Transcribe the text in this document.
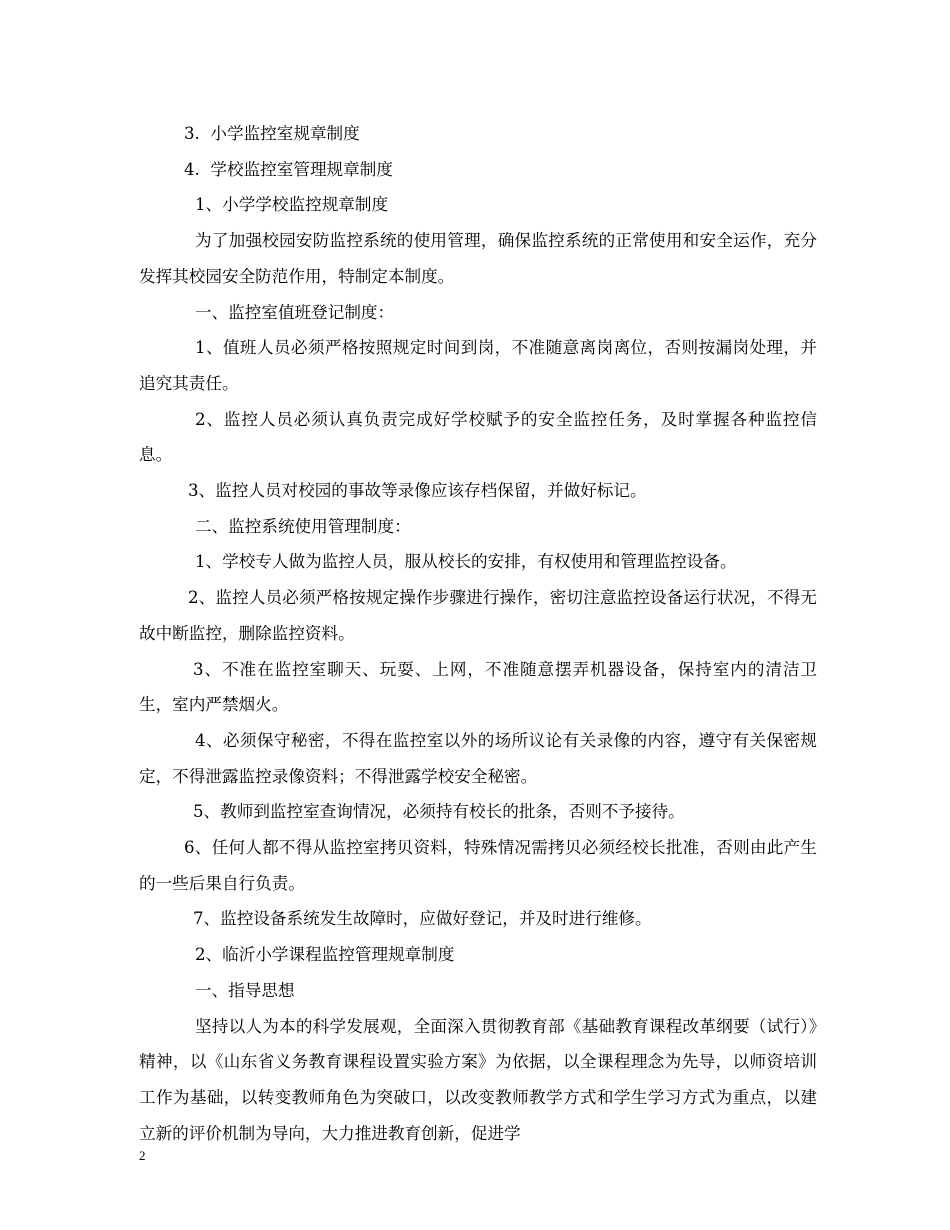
3.  小学监控室规章制度

4.  学校监控室管理规章制度

1、小学学校监控规章制度

为了加强校园安防监控系统的使用管理，确保监控系统的正常使用和安全运作，充分发挥其校园安全防范作用，特制定本制度。

一、监控室值班登记制度：

1、值班人员必须严格按照规定时间到岗，不准随意离岗离位，否则按漏岗处理，并追究其责任。

2、监控人员必须认真负责完成好学校赋予的安全监控任务，及时掌握各种监控信息。

3、监控人员对校园的事故等录像应该存档保留，并做好标记。

二、监控系统使用管理制度：

1、学校专人做为监控人员，服从校长的安排，有权使用和管理监控设备。

2、监控人员必须严格按规定操作步骤进行操作，密切注意监控设备运行状况，不得无故中断监控，删除监控资料。

3、不准在监控室聊天、玩耍、上网，不准随意摆弄机器设备，保持室内的清洁卫生，室内严禁烟火。

4、必须保守秘密，不得在监控室以外的场所议论有关录像的内容，遵守有关保密规定，不得泄露监控录像资料；不得泄露学校安全秘密。

5、教师到监控室查询情况，必须持有校长的批条，否则不予接待。

6、任何人都不得从监控室拷贝资料，特殊情况需拷贝必须经校长批准，否则由此产生的一些后果自行负责。

7、监控设备系统发生故障时，应做好登记，并及时进行维修。

2、临沂小学课程监控管理规章制度

一、指导思想

坚持以人为本的科学发展观，全面深入贯彻教育部《基础教育课程改革纲要（试行）》精神，以《山东省义务教育课程设置实验方案》为依据，以全课程理念为先导，以师资培训工作为基础，以转变教师角色为突破口，以改变教师教学方式和学生学习方式为重点，以建立新的评价机制为导向，大力推进教育创新，促进学

2
